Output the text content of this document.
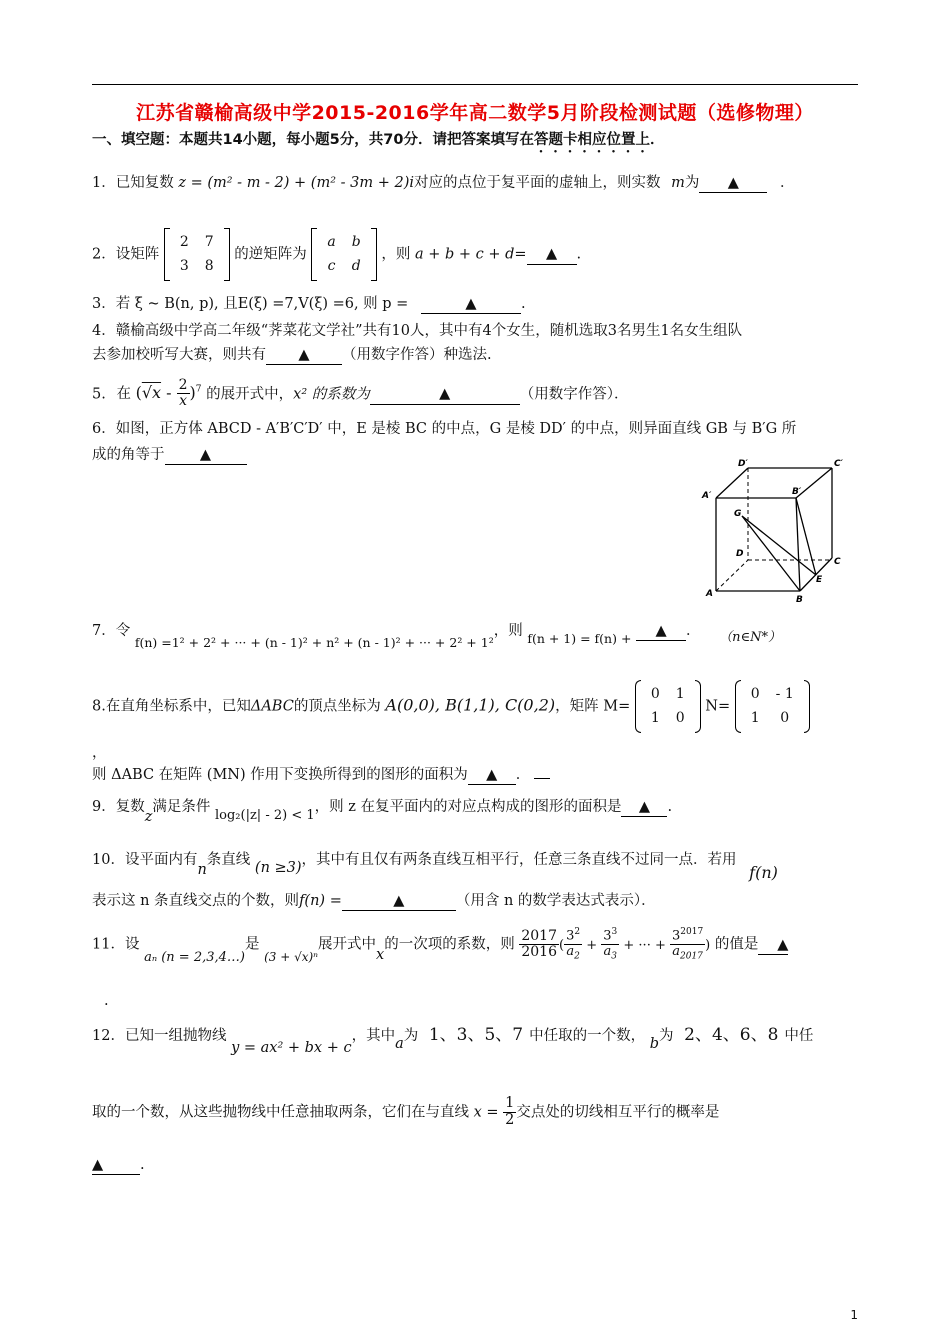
江苏省赣榆高级中学2015-2016学年高二数学5月阶段检测试题（选修物理）
一、填空题：本题共14小题，每小题5分，共70分．请把答案填写在答题卡相应位置上．
1．已知复数 z = (m² - m - 2) + (m² - 3m + 2)i对应的点位于复平面的虚轴上，则实数 m为 ▲	．
2．设矩阵
2	7
3	8
的逆矩阵为
a	b
c	d
，则 a + b + c + d= ▲ .
3．若 ξ ~ B(n, p), 且E(ξ) =7,V(ξ) =6, 则 p =	▲	.
4．赣榆高级中学高二年级“荠菜花文学社”共有10人，其中有4个女生，随机选取3名男生1名女生组队
去参加校听写大赛，则共有 ▲ （用数字作答）种选法.
5. 在 $(√x - \frac{2}{x} )^7$ 的展开式中，x² 的系数为	▲	（用数字作答）．
6．如图，正方体 ABCD - A′B′C′D′ 中，E 是棱 BC 的中点，G 是棱 DD′ 的中点，则异面直线 GB 与 B′G 所
成的角等于 ▲
D′	C′
A′	B′
G
D
C
E
A
B
7．令 f(n) =1² + 2² + ··· + (n - 1)² + n² + (n - 1)² + ··· + 2² + 1²，则 f(n + 1) = f(n) + ▲ ． （n∈N*）
8.在直角坐标系中，已知ΔABC的顶点坐标为 A(0,0), B(1,1), C(0,2)，矩阵 M=
0	1
1	0
N=
0	- 1
1	0
，
则 ΔABC 在矩阵 (MN) 作用下变换所得到的图形的面积为 ▲ ．
9．复数z满足条件 log₂(|z| - 2) < 1，则 z 在复平面内的对应点构成的图形的面积是 ▲ .
10．设平面内有n条直线 (n ≥3)，其中有且仅有两条直线互相平行，任意三条直线不过同一点．若用 f(n)
表示这 n 条直线交点的个数，则f(n) =	▲	（用含 n 的数学表达式表示）．
11．设 aₙ (n = 2,3,4…)是 $_{(3 + √x)^n}$展开式中x的一次项的系数，则 $\frac{2017}{2016}$ ( $\frac{3^2}{a_2} + \frac{3^3}{a_3}$ + ··· + $\frac{3^{2017}}{a_{2017}}$ ) 的值是 ▲
.
12．已知一组抛物线 y = ax² + bx + c，其中a为 1、3、5、7 中任取的一个数， b为 2、4、6、8 中任
取的一个数，从这些抛物线中任意抽取两条，它们在与直线 $x = \frac{1}{2}$ 交点处的切线相互平行的概率是
▲	.
1
